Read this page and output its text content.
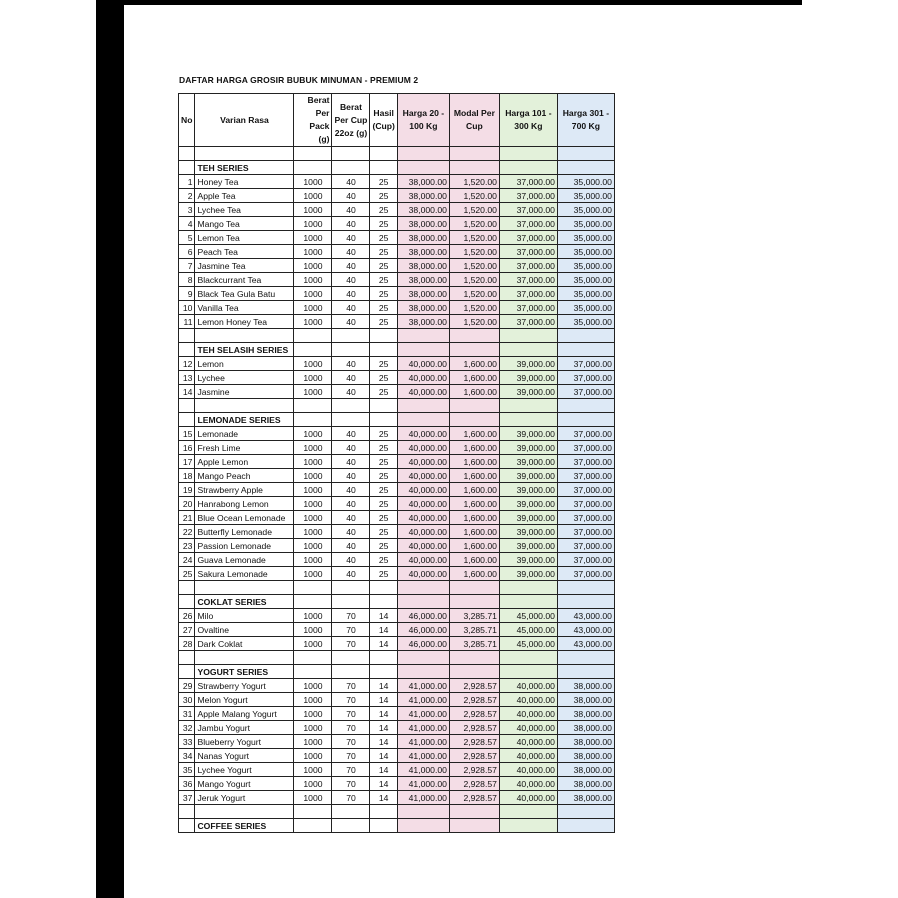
DAFTAR HARGA GROSIR BUBUK MINUMAN - PREMIUM 2
No	Varian Rasa	Berat Per Pack (g)	Berat Per Cup 22oz (g)	Hasil (Cup)	Harga 20 - 100 Kg	Modal Per Cup	Harga 101 - 300 Kg	Harga 301 - 700 Kg

	TEH SERIES							
1	Honey Tea	1000	40	25	38,000.00	1,520.00	37,000.00	35,000.00
2	Apple Tea	1000	40	25	38,000.00	1,520.00	37,000.00	35,000.00
3	Lychee Tea	1000	40	25	38,000.00	1,520.00	37,000.00	35,000.00
4	Mango Tea	1000	40	25	38,000.00	1,520.00	37,000.00	35,000.00
5	Lemon Tea	1000	40	25	38,000.00	1,520.00	37,000.00	35,000.00
6	Peach Tea	1000	40	25	38,000.00	1,520.00	37,000.00	35,000.00
7	Jasmine Tea	1000	40	25	38,000.00	1,520.00	37,000.00	35,000.00
8	Blackcurrant Tea	1000	40	25	38,000.00	1,520.00	37,000.00	35,000.00
9	Black Tea Gula Batu	1000	40	25	38,000.00	1,520.00	37,000.00	35,000.00
10	Vanilla Tea	1000	40	25	38,000.00	1,520.00	37,000.00	35,000.00
11	Lemon Honey Tea	1000	40	25	38,000.00	1,520.00	37,000.00	35,000.00

	TEH SELASIH SERIES							
12	Lemon	1000	40	25	40,000.00	1,600.00	39,000.00	37,000.00
13	Lychee	1000	40	25	40,000.00	1,600.00	39,000.00	37,000.00
14	Jasmine	1000	40	25	40,000.00	1,600.00	39,000.00	37,000.00

	LEMONADE SERIES							
15	Lemonade	1000	40	25	40,000.00	1,600.00	39,000.00	37,000.00
16	Fresh Lime	1000	40	25	40,000.00	1,600.00	39,000.00	37,000.00
17	Apple Lemon	1000	40	25	40,000.00	1,600.00	39,000.00	37,000.00
18	Mango Peach	1000	40	25	40,000.00	1,600.00	39,000.00	37,000.00
19	Strawberry Apple	1000	40	25	40,000.00	1,600.00	39,000.00	37,000.00
20	Hanrabong Lemon	1000	40	25	40,000.00	1,600.00	39,000.00	37,000.00
21	Blue Ocean Lemonade	1000	40	25	40,000.00	1,600.00	39,000.00	37,000.00
22	Butterfly Lemonade	1000	40	25	40,000.00	1,600.00	39,000.00	37,000.00
23	Passion Lemonade	1000	40	25	40,000.00	1,600.00	39,000.00	37,000.00
24	Guava Lemonade	1000	40	25	40,000.00	1,600.00	39,000.00	37,000.00
25	Sakura Lemonade	1000	40	25	40,000.00	1,600.00	39,000.00	37,000.00

	COKLAT SERIES							
26	Milo	1000	70	14	46,000.00	3,285.71	45,000.00	43,000.00
27	Ovaltine	1000	70	14	46,000.00	3,285.71	45,000.00	43,000.00
28	Dark Coklat	1000	70	14	46,000.00	3,285.71	45,000.00	43,000.00

	YOGURT SERIES							
29	Strawberry Yogurt	1000	70	14	41,000.00	2,928.57	40,000.00	38,000.00
30	Melon Yogurt	1000	70	14	41,000.00	2,928.57	40,000.00	38,000.00
31	Apple Malang Yogurt	1000	70	14	41,000.00	2,928.57	40,000.00	38,000.00
32	Jambu Yogurt	1000	70	14	41,000.00	2,928.57	40,000.00	38,000.00
33	Blueberry Yogurt	1000	70	14	41,000.00	2,928.57	40,000.00	38,000.00
34	Nanas Yogurt	1000	70	14	41,000.00	2,928.57	40,000.00	38,000.00
35	Lychee Yogurt	1000	70	14	41,000.00	2,928.57	40,000.00	38,000.00
36	Mango Yogurt	1000	70	14	41,000.00	2,928.57	40,000.00	38,000.00
37	Jeruk Yogurt	1000	70	14	41,000.00	2,928.57	40,000.00	38,000.00

	COFFEE SERIES							
